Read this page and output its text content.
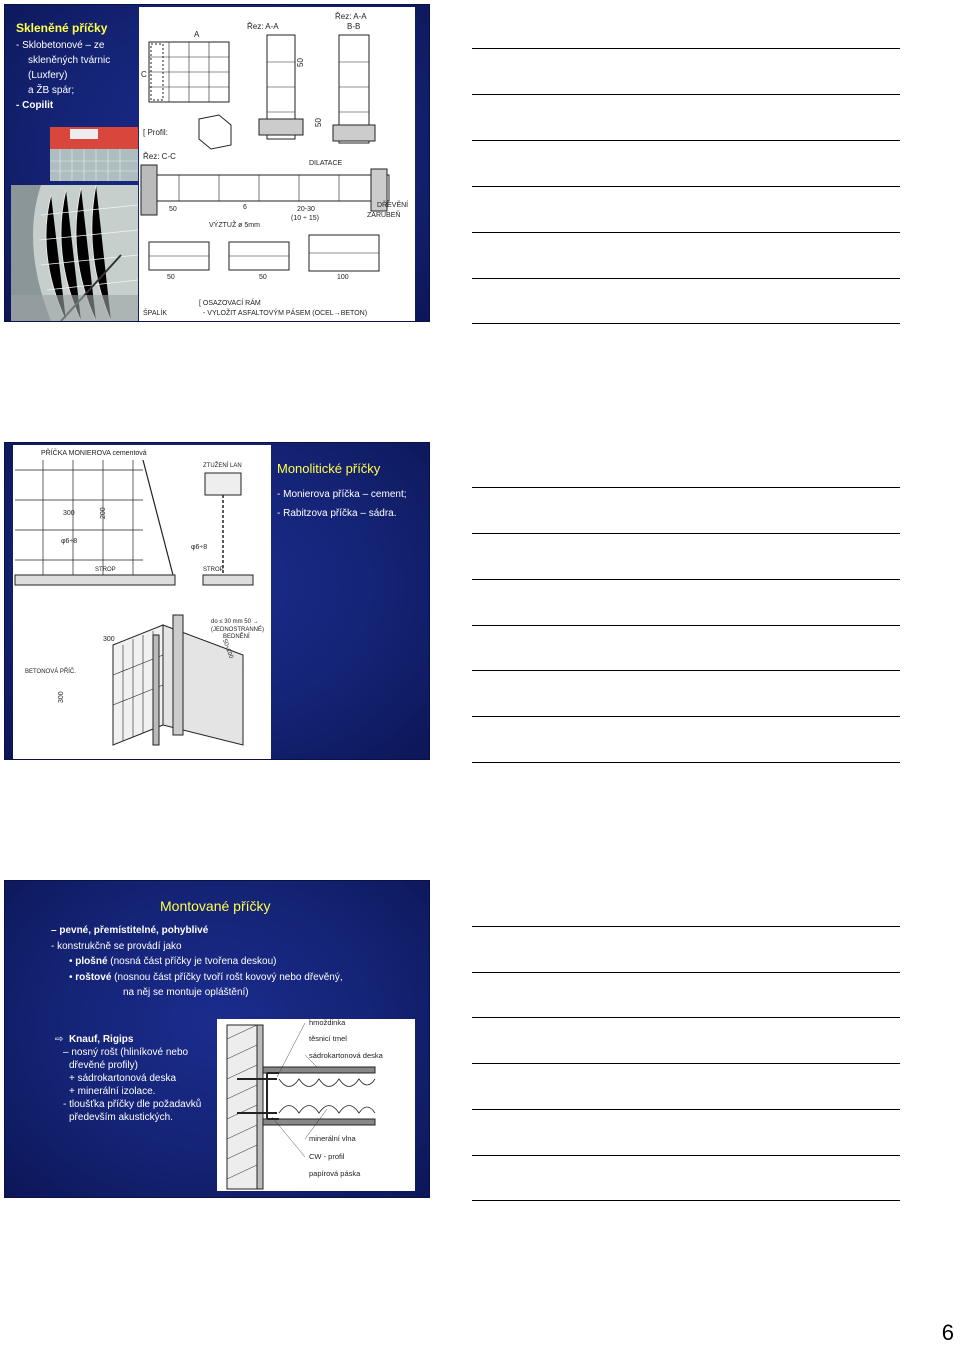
Skleněné příčky
- Sklobetonové – ze
skleněných tvárnic
(Luxfery)
a ŽB spár;
- Copilit
A
C
Řez: A-A
50
Řez: A-A
B-B
50
[ Profil:
Řez: C-C
DILATACE
DŘEVĚNÍ
ZARUBEŇ
50	6	20-30
(10 ÷ 15)
VÝZTUŽ ø 5mm
50	50	100
[ OSAZOVACÍ RÁM
- VYLOŽIT ASFALTOVÝM PÁSEM (OCEL→BETON)
ŠPALÍK
PŘÍČKA MONIEROVA cementová
300	200
φ6÷8
STROP
ZTUŽENÍ LAN
φ6÷8
STROP
do ≤ 30 mm 50 →
(JEDNOSTRANNÉ)
BEDNĚNÍ
BETONOVÁ PŘÍČ.
300
300
50÷100
Monolitické příčky
- Monierova příčka – cement;
- Rabitzova příčka – sádra.
Montované příčky
– pevné, přemístitelné, pohyblivé
- konstrukčně se provádí jako
• plošné (nosná část příčky je tvořena deskou)
• roštové (nosnou část příčky tvoří rošt kovový nebo dřevěný,
na něj se montuje opláštění)
⇨ Knauf, Rigips
– nosný rošt (hliníkové nebo
dřevěné profily)
+ sádrokartonová deska
+ minerální izolace.
- tloušťka příčky dle požadavků
především akustických.
hmoždinka
těsnicí tmel
sádrokartonová deska
minerální vlna
CW - profil
papírová páska
6
